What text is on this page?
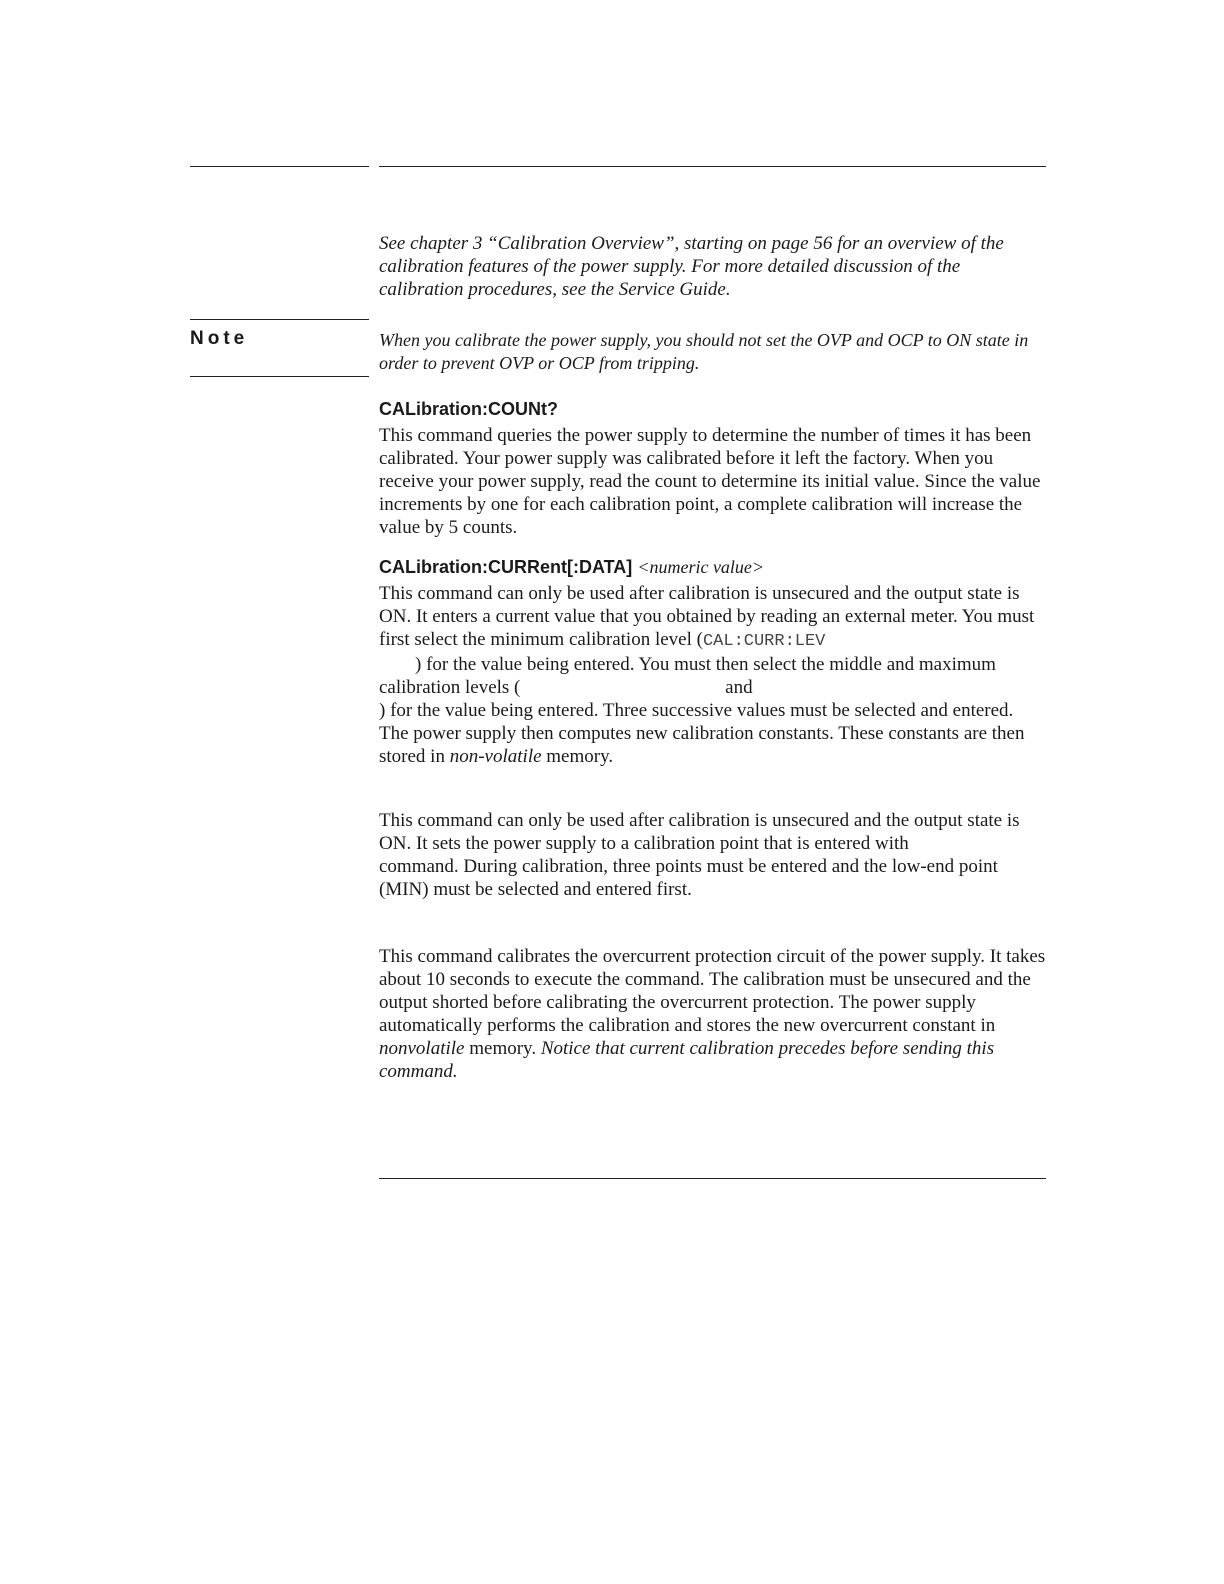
See chapter 3 “Calibration Overview”, starting on page 56 for an overview of the calibration features of the power supply. For more detailed discussion of the calibration procedures, see the Service Guide.
Note	When you calibrate the power supply, you should not set the OVP and OCP to ON state in order to prevent OVP or OCP from tripping.
CALibration:COUNt?

This command queries the power supply to determine the number of times it has been calibrated. Your power supply was calibrated before it left the factory. When you receive your power supply, read the count to determine its initial value. Since the value increments by one for each calibration point, a complete calibration will increase the value by 5 counts.

CALibration:CURRent[:DATA] <numeric value>

This command can only be used after calibration is unsecured and the output state is ON. It enters a current value that you obtained by reading an external meter. You must first select the minimum calibration level (CAL:CURR:LEV
) for the value being entered. You must then select the middle and maximum calibration levels (	and
) for the value being entered. Three successive values must be selected and entered. The power supply then computes new calibration constants. These constants are then stored in non-volatile memory.

This command can only be used after calibration is unsecured and the output state is ON. It sets the power supply to a calibration point that is entered with command. During calibration, three points must be entered and the low-end point (MIN) must be selected and entered first.

This command calibrates the overcurrent protection circuit of the power supply. It takes about 10 seconds to execute the command. The calibration must be unsecured and the output shorted before calibrating the overcurrent protection. The power supply automatically performs the calibration and stores the new overcurrent constant in nonvolatile memory. Notice that current calibration precedes before sending this command.
